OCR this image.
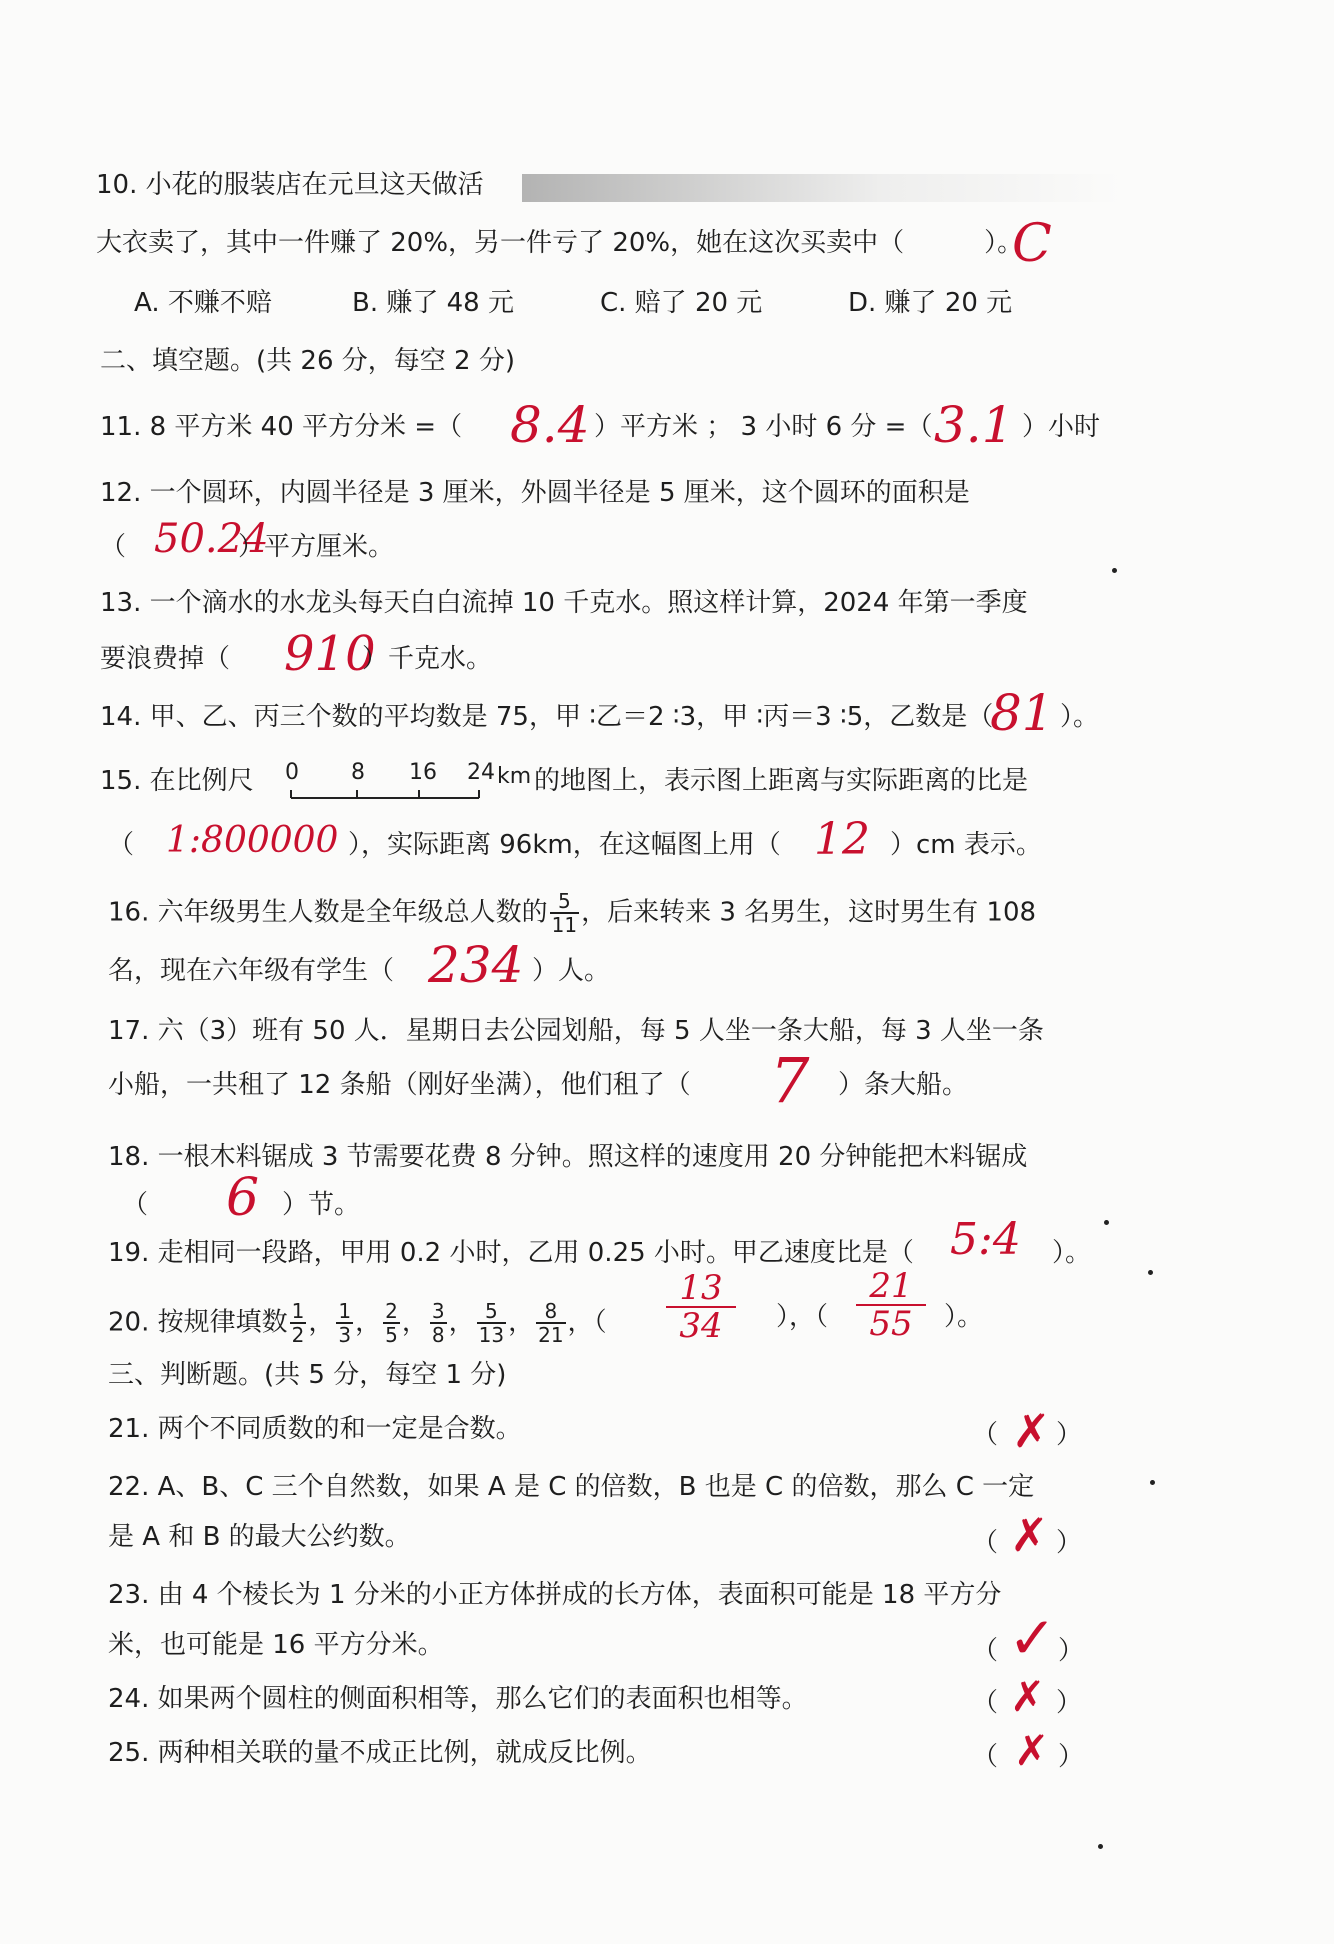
10. 小花的服装店在元旦这天做活
大衣卖了，其中一件赚了 20%，另一件亏了 20%，她在这次买卖中（	）。
C
A. 不赚不赔	B. 赚了 48 元	C. 赔了 20 元	D. 赚了 20 元
二、填空题。(共 26 分，每空 2 分)
11. 8 平方米 40 平方分米 =（ 8.4 ）平方米 ； 3 小时 6 分 =（ 3.1 ）小时
12. 一个圆环，内圆半径是 3 厘米，外圆半径是 5 厘米，这个圆环的面积是
（ 50.24
）平方厘米。
13. 一个滴水的水龙头每天白白流掉 10 千克水。照这样计算，2024 年第一季度
要浪费掉（ 910
）千克水。
14. 甲、乙、丙三个数的平均数是 75，甲 ∶乙＝2 ∶3，甲 ∶丙＝3 ∶5，乙数是（
81 ）。
15. 在比例尺 0 8 16 24 km 的地图上，表示图上距离与实际距离的比是
（ 1:800000 ），实际距离 96km，在这幅图上用（ 12 ）cm 表示。
16. 六年级男生人数是全年级总人数的 $\frac{5}{11}$ ，后来转来 3 名男生，这时男生有 108
名，现在六年级有学生（ 234 ）人。
17. 六（3）班有 50 人．星期日去公园划船，每 5 人坐一条大船，每 3 人坐一条
小船，一共租了 12 条船（刚好坐满），他们租了（ 7 ）条大船。
18. 一根木料锯成 3 节需要花费 8 分钟。照这样的速度用 20 分钟能把木料锯成
（ 6 ）节。
19. 走相同一段路，甲用 0.2 小时，乙用 0.25 小时。甲乙速度比是（ 5:4 ）。
20. 按规律填数 $\frac{1}{2}$ ， $\frac{1}{3}$ ， $\frac{2}{5}$ ， $\frac{3}{8}$ ， $\frac{5}{13}$ ， $\frac{8}{21}$ ，（ $\frac{13}{34}$ ），（ $\frac{21}{55}$ ）。
三、判断题。(共 5 分，每空 1 分)
21. 两个不同质数的和一定是合数。	（ ✗ ）
22. A、B、C 三个自然数，如果 A 是 C 的倍数，B 也是 C 的倍数，那么 C 一定
是 A 和 B 的最大公约数。	（ ✗ ）
23. 由 4 个棱长为 1 分米的小正方体拼成的长方体，表面积可能是 18 平方分
米，也可能是 16 平方分米。	（ ✓ ）
24. 如果两个圆柱的侧面积相等，那么它们的表面积也相等。	（ ✗ ）
25. 两种相关联的量不成正比例，就成反比例。	（ ✗ ）
